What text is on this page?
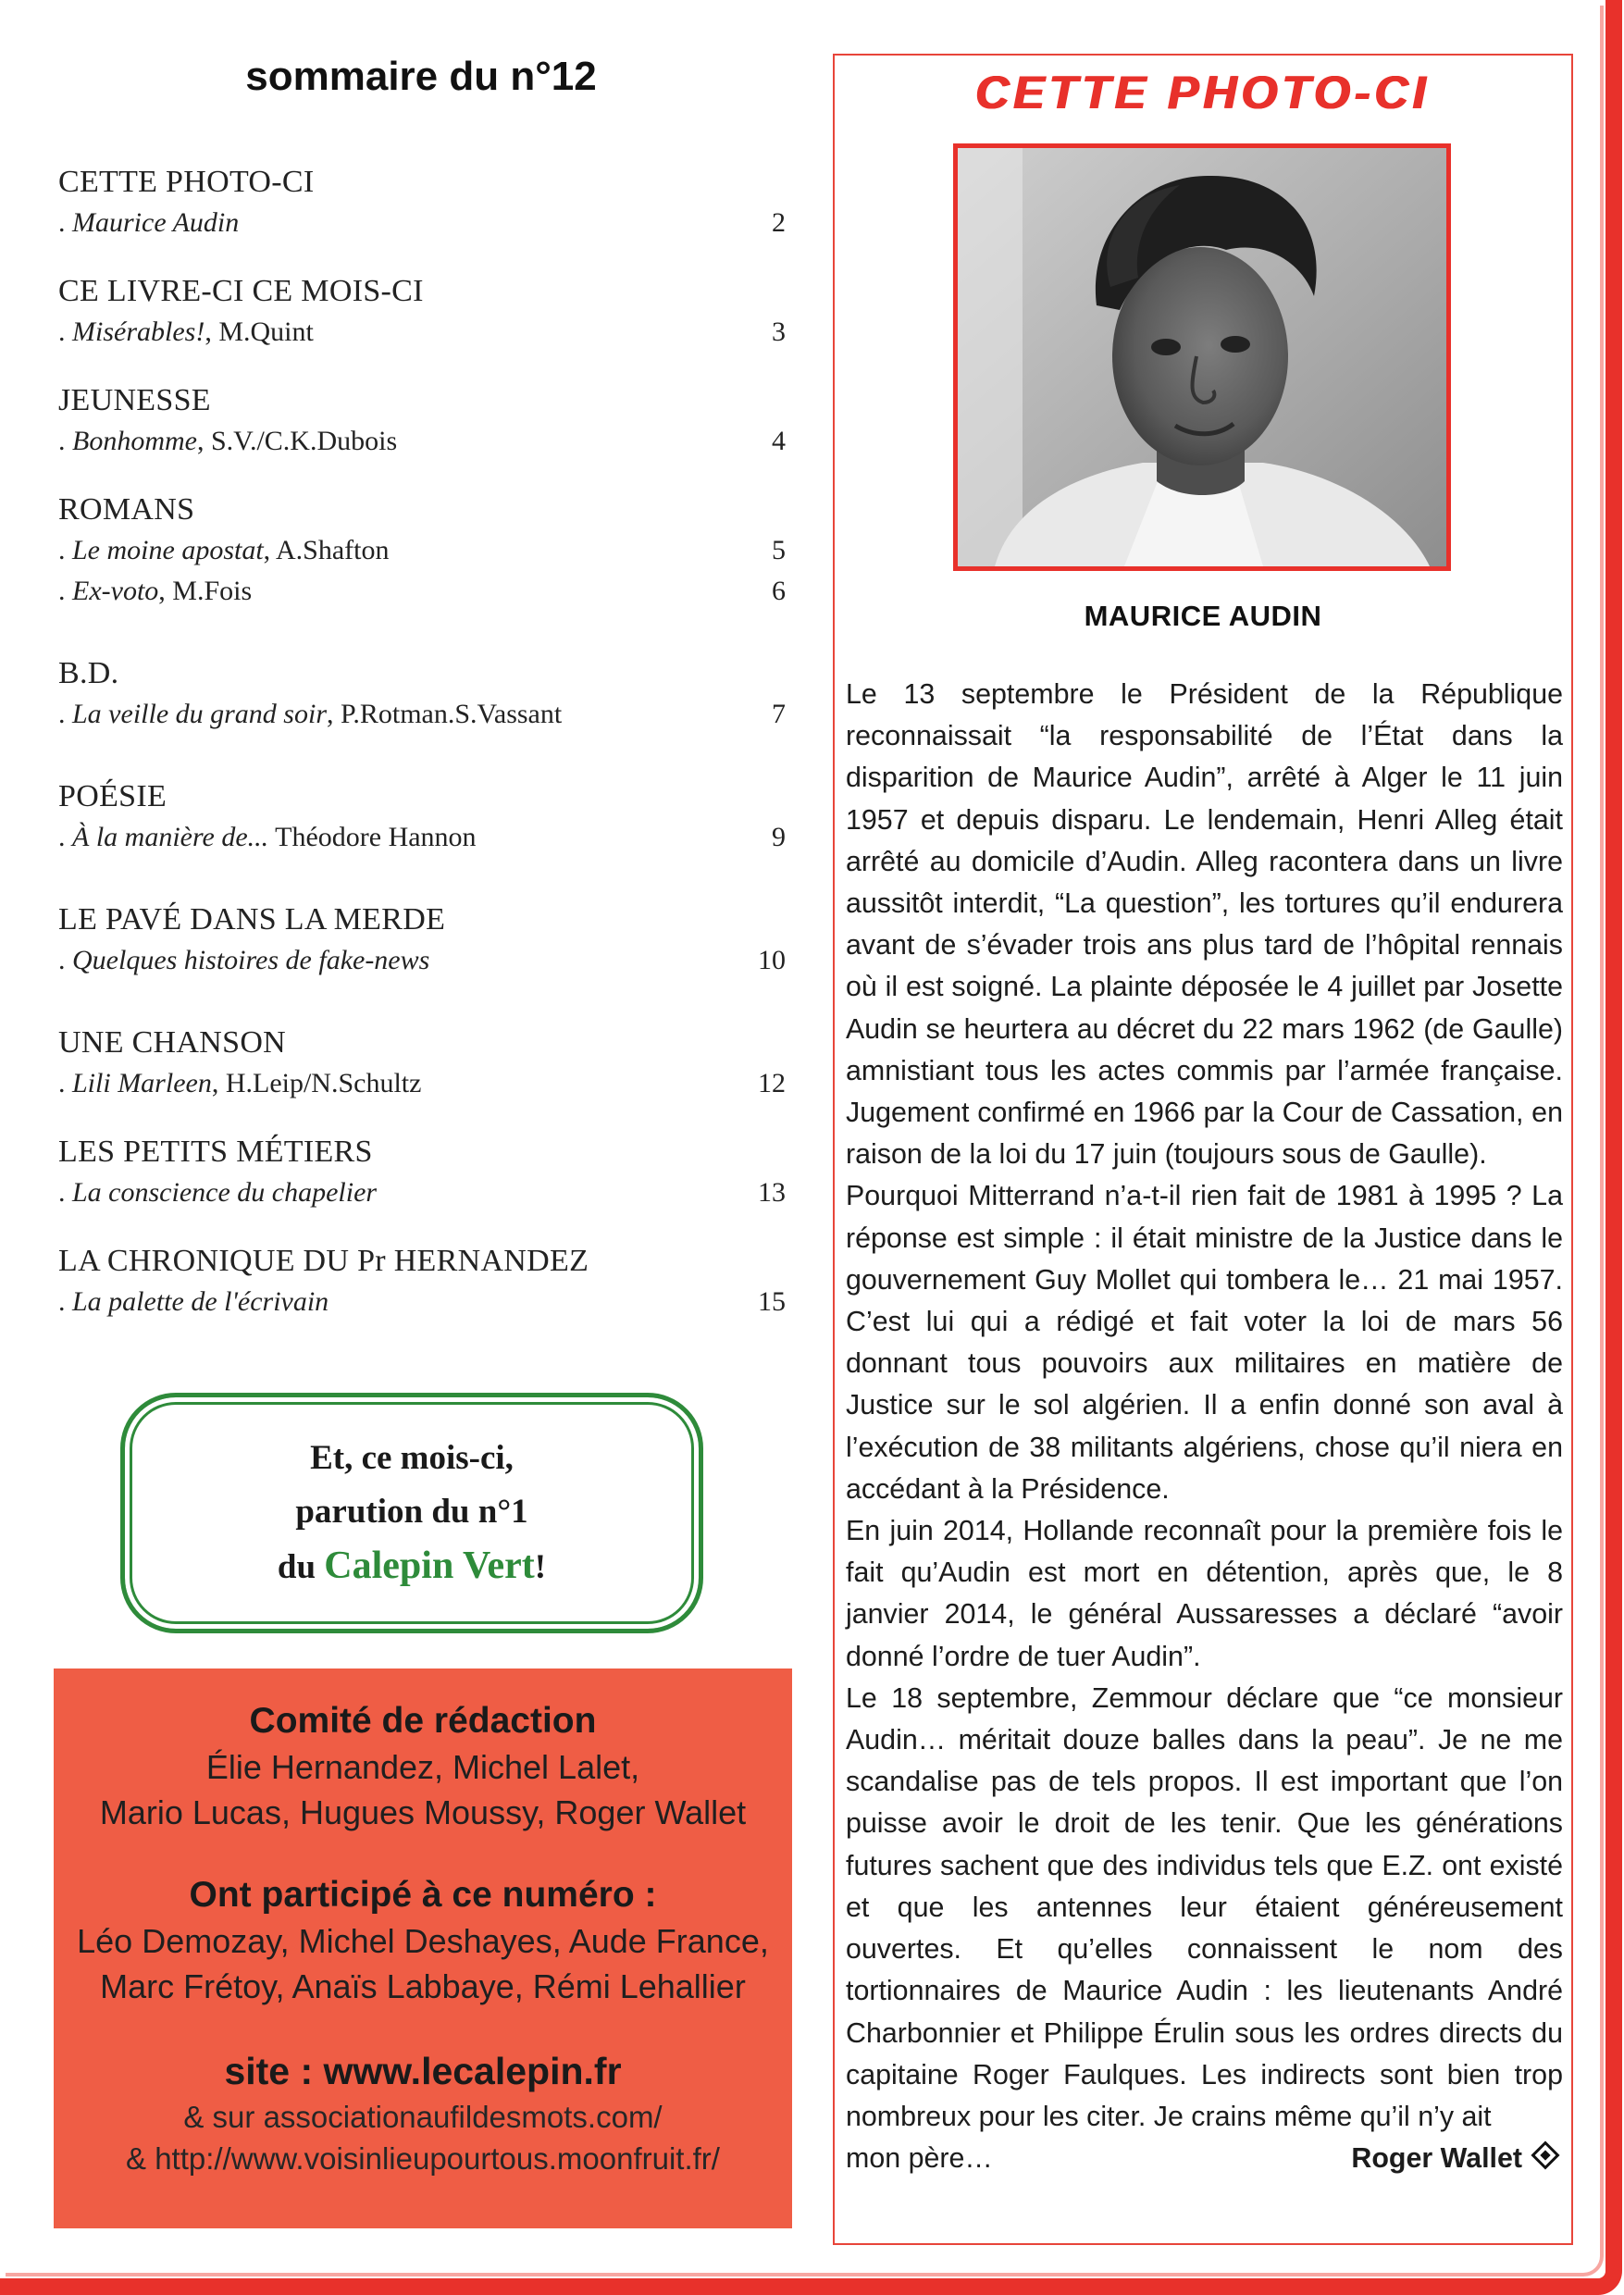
sommaire du n°12
CETTE PHOTO-CI
. Maurice Audin	2
CE LIVRE-CI CE MOIS-CI
. Misérables!, M.Quint	3
JEUNESSE
. Bonhomme, S.V./C.K.Dubois	4
ROMANS
. Le moine apostat, A.Shafton	5
. Ex-voto, M.Fois	6
B.D.
. La veille du grand soir, P.Rotman.S.Vassant	7
POÉSIE
. À la manière de... Théodore Hannon	9
LE PAVÉ DANS LA MERDE
. Quelques histoires de fake-news	10
UNE CHANSON
. Lili Marleen, H.Leip/N.Schultz	12
LES PETITS MÉTIERS
. La conscience du chapelier	13
LA CHRONIQUE DU Pr HERNANDEZ
. La palette de l'écrivain	15
Et, ce mois-ci,
parution du n°1
du Calepin Vert!
Comité de rédaction
Élie Hernandez, Michel Lalet,
Mario Lucas, Hugues Moussy, Roger Wallet
Ont participé à ce numéro :
Léo Demozay, Michel Deshayes, Aude France,
Marc Frétoy, Anaïs Labbaye, Rémi Lehallier
site : www.lecalepin.fr
& sur associationaufildesmots.com/
& http://www.voisinlieupourtous.moonfruit.fr/
CETTE PHOTO-CI
MAURICE AUDIN

Le 13 septembre le Président de la République reconnaissait “la responsabilité de l’État dans la disparition de Maurice Audin”, arrêté à Alger le 11 juin 1957 et depuis disparu. Le lendemain, Henri Alleg était arrêté au domicile d’Audin. Alleg racontera dans un livre aussitôt interdit, “La question”, les tortures qu’il endurera avant de s’évader trois ans plus tard de l’hôpital rennais où il est soigné. La plainte déposée le 4 juillet par Josette Audin se heurtera au décret du 22 mars 1962 (de Gaulle) amnistiant tous les actes commis par l’armée française. Jugement confirmé en 1966 par la Cour de Cassation, en raison de la loi du 17 juin (toujours sous de Gaulle).

Pourquoi Mitterrand n’a-t-il rien fait de 1981 à 1995 ? La réponse est simple : il était ministre de la Justice dans le gouvernement Guy Mollet qui tombera le… 21 mai 1957. C’est lui qui a rédigé et fait voter la loi de mars 56 donnant tous pouvoirs aux militaires en matière de Justice sur le sol algérien. Il a enfin donné son aval à l’exécution de 38 militants algériens, chose qu’il niera en accédant à la Présidence.

En juin 2014, Hollande reconnaît pour la première fois le fait qu’Audin est mort en détention, après que, le 8 janvier 2014, le général Aussaresses a déclaré “avoir donné l’ordre de tuer Audin”.

Le 18 septembre, Zemmour déclare que “ce monsieur Audin… méritait douze balles dans la peau”. Je ne me scandalise pas de tels propos. Il est important que l’on puisse avoir le droit de les tenir. Que les générations futures sachent que des individus tels que E.Z. ont existé et que les antennes leur étaient généreusement ouvertes. Et qu’elles connaissent le nom des tortionnaires de Maurice Audin : les lieutenants André Charbonnier et Philippe Érulin sous les ordres directs du capitaine Roger Faulques. Les indirects sont bien trop nombreux pour les citer. Je crains même qu’il n’y ait

mon père…	Roger Wallet
